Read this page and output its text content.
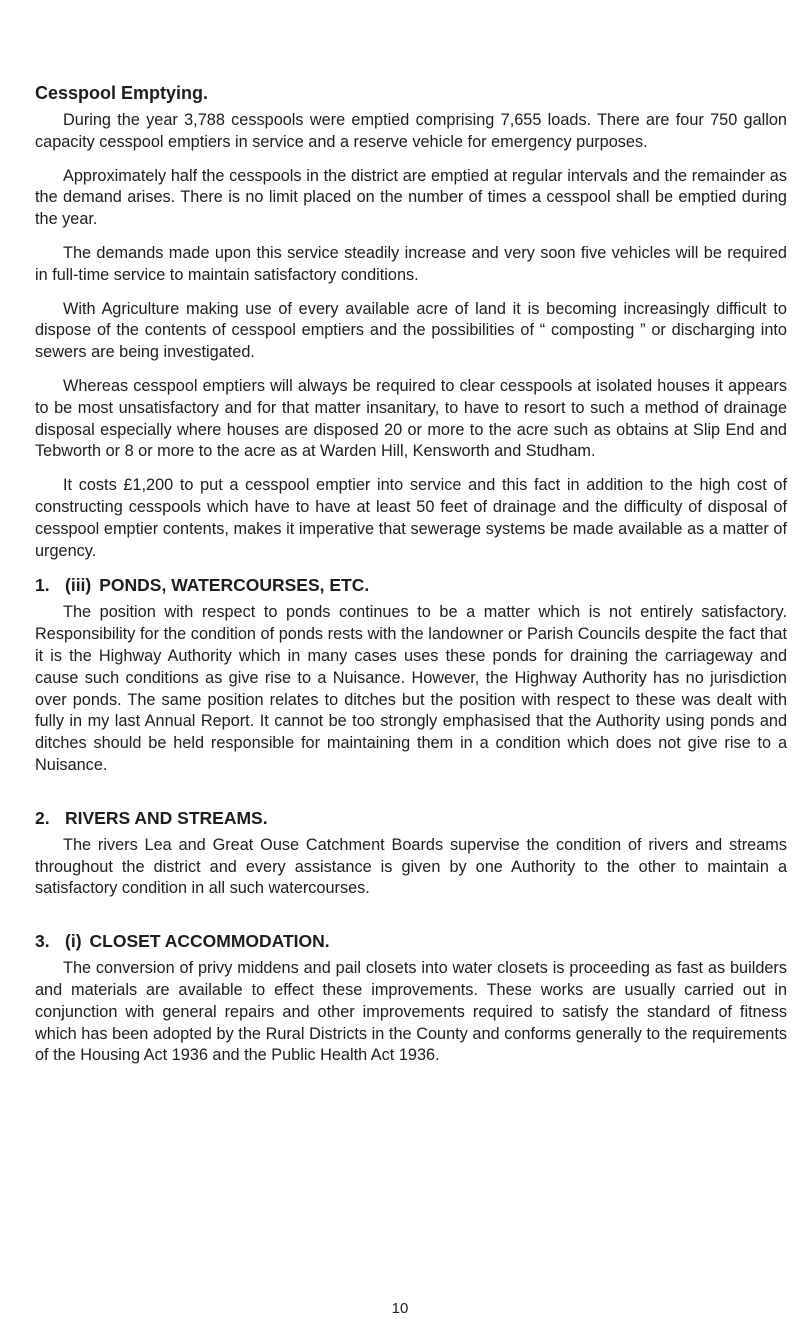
Cesspool Emptying.

During the year 3,788 cesspools were emptied comprising 7,655 loads. There are four 750 gallon capacity cesspool emptiers in service and a reserve vehicle for emergency purposes.

Approximately half the cesspools in the district are emptied at regular intervals and the remainder as the demand arises. There is no limit placed on the number of times a cesspool shall be emptied during the year.

The demands made upon this service steadily increase and very soon five vehicles will be required in full-time service to maintain satisfactory conditions.

With Agriculture making use of every available acre of land it is becoming increasingly difficult to dispose of the contents of cesspool emptiers and the possibilities of “ composting ” or discharging into sewers are being investigated.

Whereas cesspool emptiers will always be required to clear cesspools at isolated houses it appears to be most unsatisfactory and for that matter insanitary, to have to resort to such a method of drainage disposal especially where houses are disposed 20 or more to the acre such as obtains at Slip End and Tebworth or 8 or more to the acre as at Warden Hill, Kensworth and Studham.

It costs £1,200 to put a cesspool emptier into service and this fact in addition to the high cost of constructing cesspools which have to have at least 50 feet of drainage and the difficulty of disposal of cesspool emptier contents, makes it imperative that sewerage systems be made available as a matter of urgency.

1. (iii) PONDS, WATERCOURSES, ETC.

The position with respect to ponds continues to be a matter which is not entirely satisfactory. Responsibility for the condition of ponds rests with the landowner or Parish Councils despite the fact that it is the Highway Authority which in many cases uses these ponds for draining the carriageway and cause such conditions as give rise to a Nuisance. However, the Highway Authority has no jurisdiction over ponds. The same position relates to ditches but the position with respect to these was dealt with fully in my last Annual Report. It cannot be too strongly emphasised that the Authority using ponds and ditches should be held responsible for maintaining them in a condition which does not give rise to a Nuisance.

2. RIVERS AND STREAMS.

The rivers Lea and Great Ouse Catchment Boards supervise the condition of rivers and streams throughout the district and every assistance is given by one Authority to the other to maintain a satisfactory condition in all such watercourses.

3. (i) CLOSET ACCOMMODATION.

The conversion of privy middens and pail closets into water closets is proceeding as fast as builders and materials are available to effect these improvements. These works are usually carried out in conjunction with general repairs and other improvements required to satisfy the standard of fitness which has been adopted by the Rural Districts in the County and conforms generally to the requirements of the Housing Act 1936 and the Public Health Act 1936.

10
